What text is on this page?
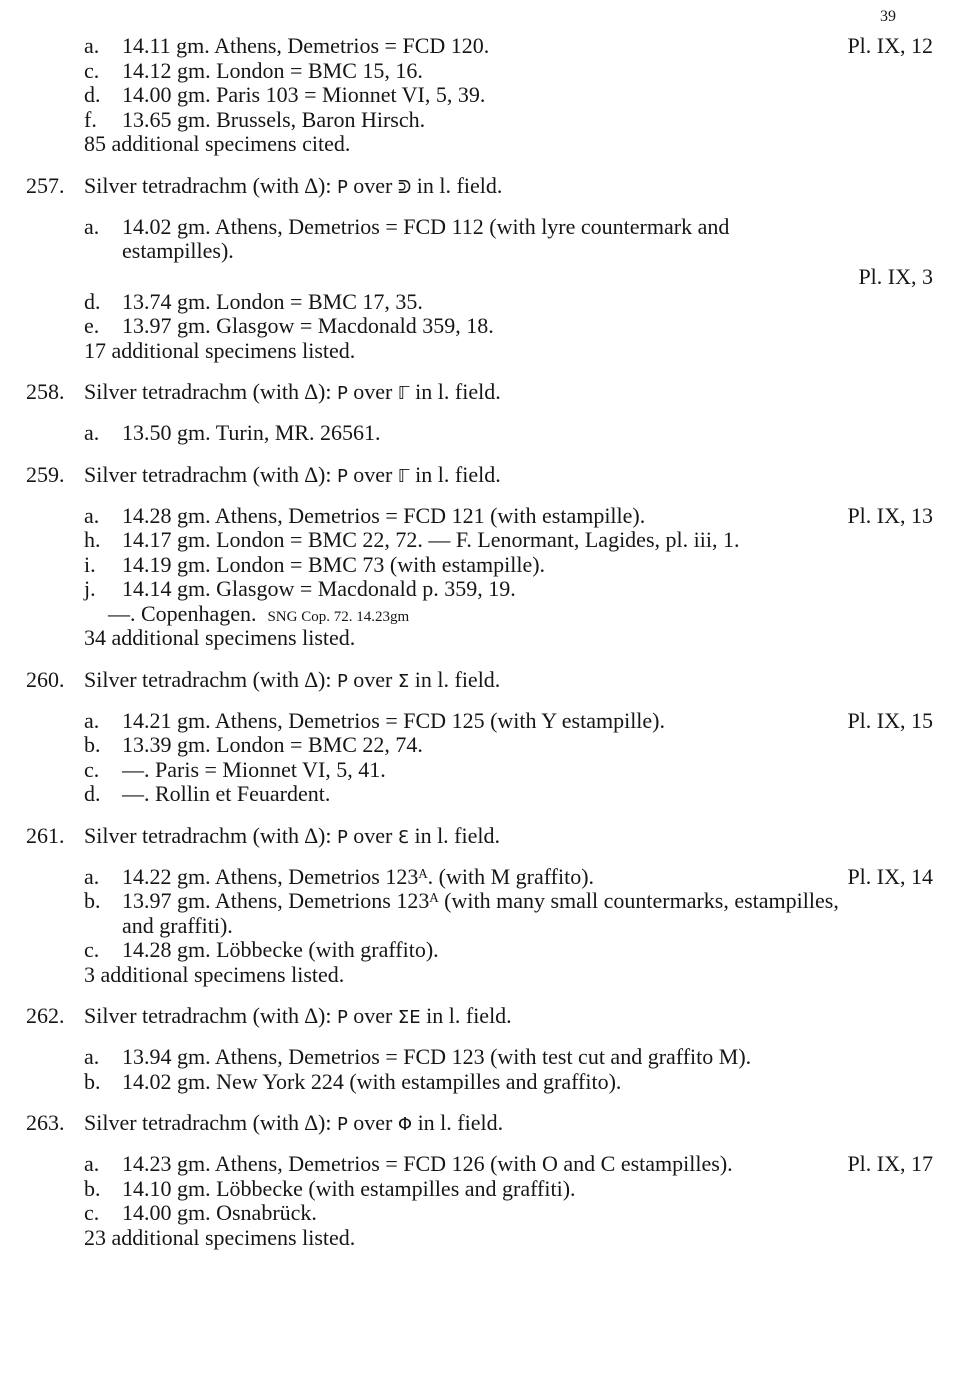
39
a. 14.11 gm. Athens, Demetrios = FCD 120.	Pl. IX, 12
c. 14.12 gm. London = BMC 15, 16.
d. 14.00 gm. Paris 103 = Mionnet VI, 5, 39.
f. 13.65 gm. Brussels, Baron Hirsch.
85 additional specimens cited.
257. Silver tetradrachm (with ∆): P over ᕲ in l. field.
a. 14.02 gm. Athens, Demetrios = FCD 112 (with lyre countermark and
estampilles).
Pl. IX, 3
d. 13.74 gm. London = BMC 17, 35.
e. 13.97 gm. Glasgow = Macdonald 359, 18.
17 additional specimens listed.
258. Silver tetradrachm (with ∆): P over ℾ in l. field.
a. 13.50 gm. Turin, MR. 26561.
259. Silver tetradrachm (with ∆): P over ℾ in l. field.
a. 14.28 gm. Athens, Demetrios = FCD 121 (with estampille).	Pl. IX, 13
h. 14.17 gm. London = BMC 22, 72. — F. Lenormant, Lagides, pl. iii, 1.
i. 14.19 gm. London = BMC 73 (with estampille).
j. 14.14 gm. Glasgow = Macdonald p. 359, 19.
—. Copenhagen. SNG Cop. 72. 14.23gm
34 additional specimens listed.
260. Silver tetradrachm (with ∆): P over Σ in l. field.
a. 14.21 gm. Athens, Demetrios = FCD 125 (with Y estampille).	Pl. IX, 15
b. 13.39 gm. London = BMC 22, 74.
c. —. Paris = Mionnet VI, 5, 41.
d. —. Rollin et Feuardent.
261. Silver tetradrachm (with ∆): P over Ɛ in l. field.
a. 14.22 gm. Athens, Demetrios 123ᴬ. (with M graffito).	Pl. IX, 14
b. 13.97 gm. Athens, Demetrions 123ᴬ (with many small countermarks, estampilles,
and graffiti).
c. 14.28 gm. Löbbecke (with graffito).
3 additional specimens listed.
262. Silver tetradrachm (with ∆): P over ΣE in l. field.
a. 13.94 gm. Athens, Demetrios = FCD 123 (with test cut and graffito M).
b. 14.02 gm. New York 224 (with estampilles and graffito).
263. Silver tetradrachm (with ∆): P over Φ in l. field.
a. 14.23 gm. Athens, Demetrios = FCD 126 (with O and C estampilles).	Pl. IX, 17
b. 14.10 gm. Löbbecke (with estampilles and graffiti).
c. 14.00 gm. Osnabrück.
23 additional specimens listed.
